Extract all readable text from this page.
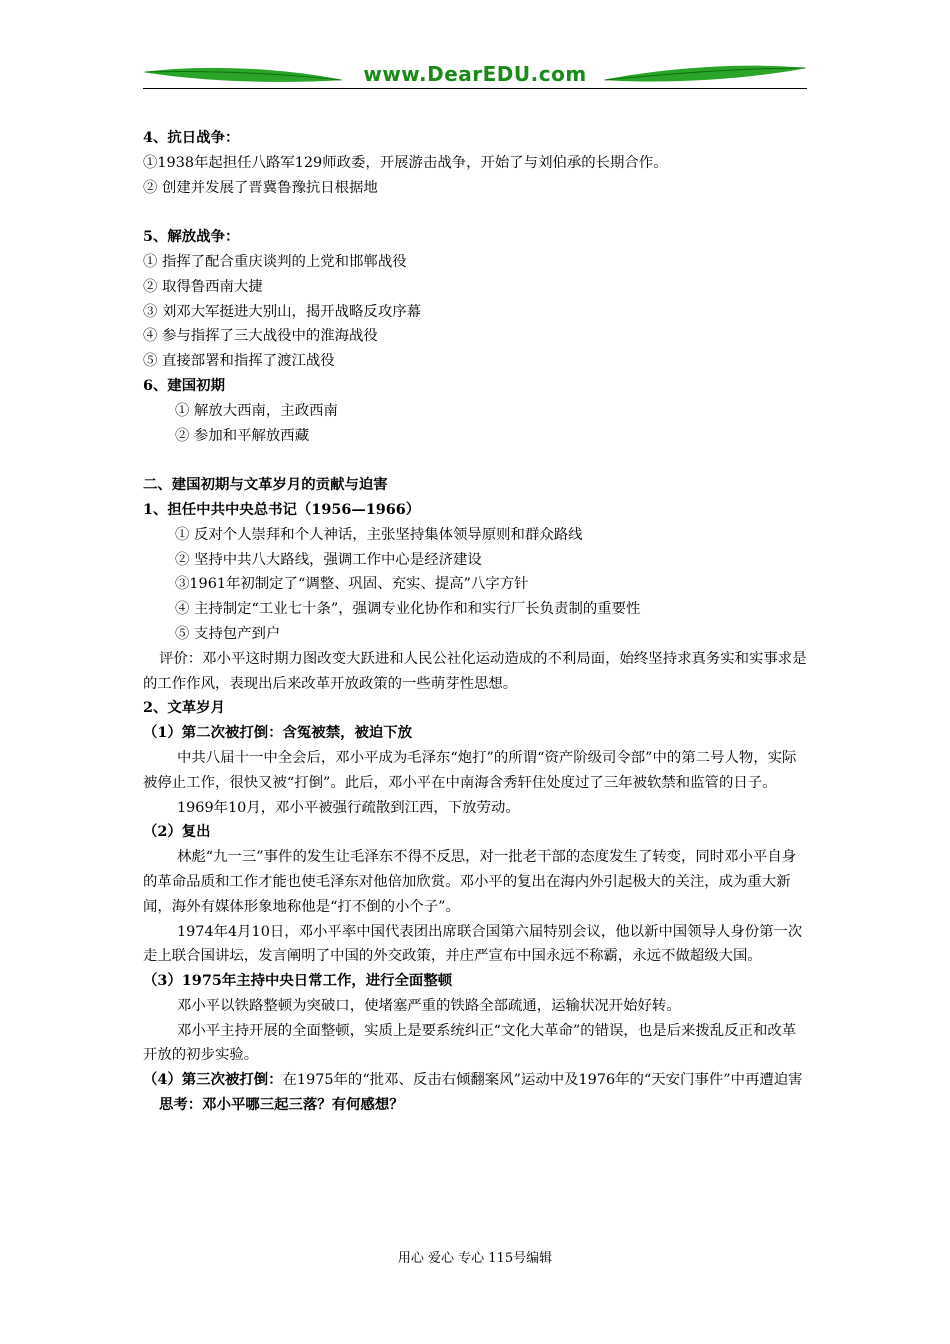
www.DearEDU.com

4、抗日战争：

①1938年起担任八路军129师政委，开展游击战争，开始了与刘伯承的长期合作。

② 创建并发展了晋冀鲁豫抗日根据地

5、解放战争：

① 指挥了配合重庆谈判的上党和邯郸战役

② 取得鲁西南大捷

③ 刘邓大军挺进大别山，揭开战略反攻序幕

④ 参与指挥了三大战役中的淮海战役

⑤ 直接部署和指挥了渡江战役

6、建国初期

① 解放大西南，主政西南

② 参加和平解放西藏

二、建国初期与文革岁月的贡献与迫害

1、担任中共中央总书记（1956—1966）

① 反对个人崇拜和个人神话，主张坚持集体领导原则和群众路线

② 坚持中共八大路线，强调工作中心是经济建设

③1961年初制定了“调整、巩固、充实、提高”八字方针

④ 主持制定“工业七十条”，强调专业化协作和和实行厂长负责制的重要性

⑤ 支持包产到户

评价：邓小平这时期力图改变大跃进和人民公社化运动造成的不利局面，始终坚持求真务实和实事求是的工作作风，表现出后来改革开放政策的一些萌芽性思想。

2、文革岁月

（1）第二次被打倒：含冤被禁，被迫下放

中共八届十一中全会后，邓小平成为毛泽东“炮打”的所谓“资产阶级司令部”中的第二号人物，实际被停止工作，很快又被“打倒”。此后，邓小平在中南海含秀轩住处度过了三年被软禁和监管的日子。

1969年10月，邓小平被强行疏散到江西，下放劳动。

（2）复出

林彪“九一三”事件的发生让毛泽东不得不反思，对一批老干部的态度发生了转变，同时邓小平自身的革命品质和工作才能也使毛泽东对他倍加欣赏。邓小平的复出在海内外引起极大的关注，成为重大新闻，海外有媒体形象地称他是“打不倒的小个子”。

1974年4月10日，邓小平率中国代表团出席联合国第六届特别会议，他以新中国领导人身份第一次走上联合国讲坛，发言阐明了中国的外交政策，并庄严宣布中国永远不称霸，永远不做超级大国。

（3）1975年主持中央日常工作，进行全面整顿

邓小平以铁路整顿为突破口，使堵塞严重的铁路全部疏通，运输状况开始好转。

邓小平主持开展的全面整顿，实质上是要系统纠正“文化大革命”的错误，也是后来拨乱反正和改革开放的初步实验。

（4）第三次被打倒：在1975年的“批邓、反击右倾翻案风”运动中及1976年的“天安门事件”中再遭迫害

思考：邓小平哪三起三落？有何感想？

用心 爱心 专心 115号编辑
